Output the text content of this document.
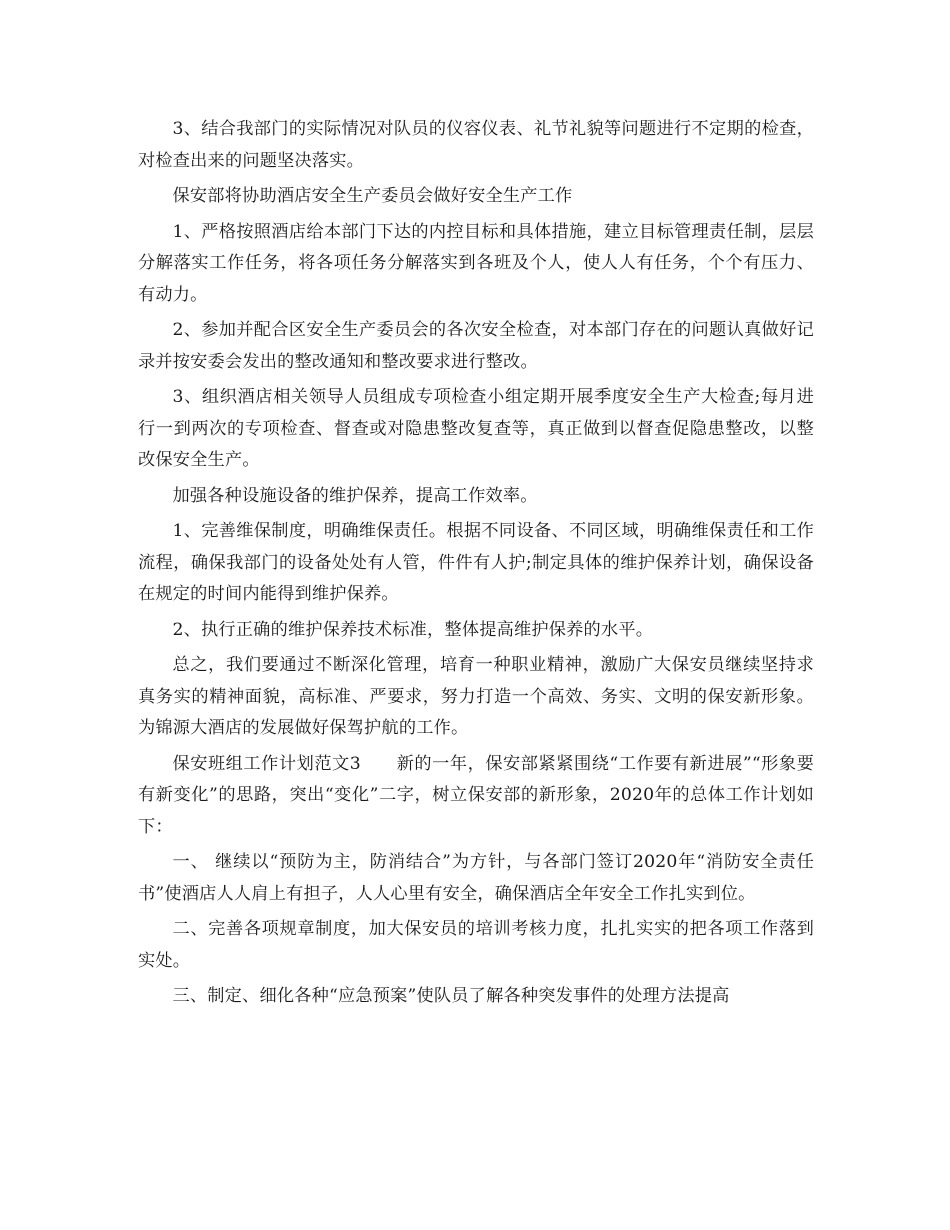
3、结合我部门的实际情况对队员的仪容仪表、礼节礼貌等问题进行不定期的检查，对检查出来的问题坚决落实。

保安部将协助酒店安全生产委员会做好安全生产工作

1、严格按照酒店给本部门下达的内控目标和具体措施，建立目标管理责任制，层层分解落实工作任务，将各项任务分解落实到各班及个人，使人人有任务，个个有压力、有动力。

2、参加并配合区安全生产委员会的各次安全检查，对本部门存在的问题认真做好记录并按安委会发出的整改通知和整改要求进行整改。

3、组织酒店相关领导人员组成专项检查小组定期开展季度安全生产大检查;每月进行一到两次的专项检查、督查或对隐患整改复查等，真正做到以督查促隐患整改，以整改保安全生产。

加强各种设施设备的维护保养，提高工作效率。

1、完善维保制度，明确维保责任。根据不同设备、不同区域，明确维保责任和工作流程，确保我部门的设备处处有人管，件件有人护;制定具体的维护保养计划，确保设备在规定的时间内能得到维护保养。

2、执行正确的维护保养技术标准，整体提高维护保养的水平。

总之，我们要通过不断深化管理，培育一种职业精神，激励广大保安员继续坚持求真务实的精神面貌，高标准、严要求，努力打造一个高效、务实、文明的保安新形象。为锦源大酒店的发展做好保驾护航的工作。

保安班组工作计划范文3　　新的一年，保安部紧紧围绕“工作要有新进展”“形象要有新变化”的思路，突出“变化”二字，树立保安部的新形象，2020年的总体工作计划如下：

一、 继续以“预防为主，防消结合”为方针，与各部门签订2020年“消防安全责任书”使酒店人人肩上有担子，人人心里有安全，确保酒店全年安全工作扎实到位。

二、完善各项规章制度，加大保安员的培训考核力度，扎扎实实的把各项工作落到实处。

三、制定、细化各种“应急预案”使队员了解各种突发事件的处理方法提高
